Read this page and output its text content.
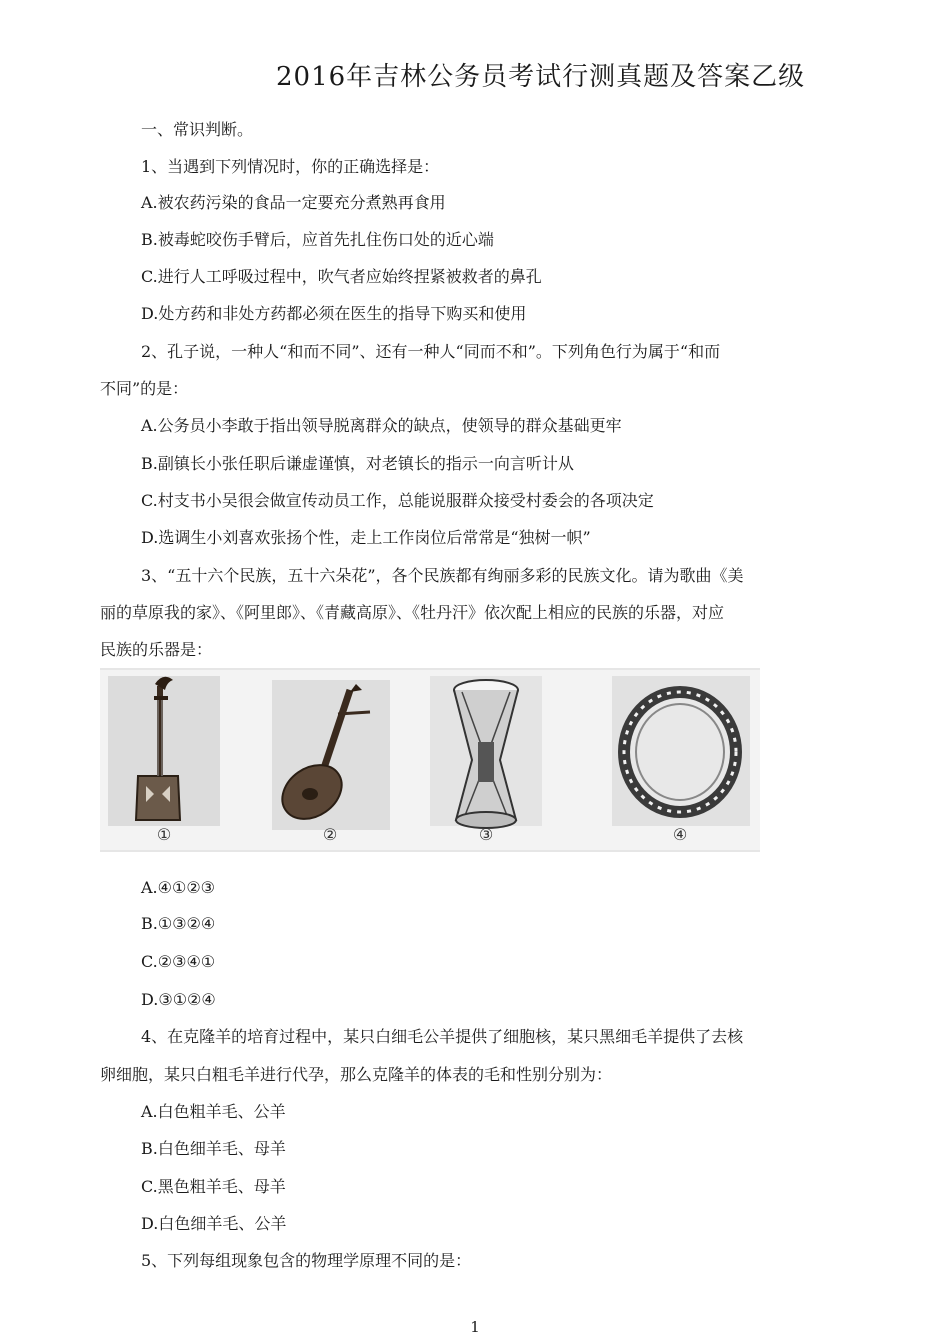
2016年吉林公务员考试行测真题及答案乙级
一、常识判断。
1、当遇到下列情况时，你的正确选择是：
A.被农药污染的食品一定要充分煮熟再食用
B.被毒蛇咬伤手臂后，应首先扎住伤口处的近心端
C.进行人工呼吸过程中，吹气者应始终捏紧被救者的鼻孔
D.处方药和非处方药都必须在医生的指导下购买和使用
2、孔子说，一种人“和而不同”、还有一种人“同而不和”。下列角色行为属于“和而
不同”的是：
A.公务员小李敢于指出领导脱离群众的缺点，使领导的群众基础更牢
B.副镇长小张任职后谦虚谨慎，对老镇长的指示一向言听计从
C.村支书小吴很会做宣传动员工作，总能说服群众接受村委会的各项决定
D.选调生小刘喜欢张扬个性，走上工作岗位后常常是“独树一帜”
3、“五十六个民族，五十六朵花”，各个民族都有绚丽多彩的民族文化。请为歌曲《美
丽的草原我的家》、《阿里郎》、《青藏高原》、《牡丹汗》依次配上相应的民族的乐器，对应
民族的乐器是：
①	②	③	④
A.④①②③
B.①③②④
C.②③④①
D.③①②④
4、在克隆羊的培育过程中，某只白细毛公羊提供了细胞核，某只黑细毛羊提供了去核
卵细胞，某只白粗毛羊进行代孕，那么克隆羊的体表的毛和性别分别为：
A.白色粗羊毛、公羊
B.白色细羊毛、母羊
C.黑色粗羊毛、母羊
D.白色细羊毛、公羊
5、下列每组现象包含的物理学原理不同的是：
1
